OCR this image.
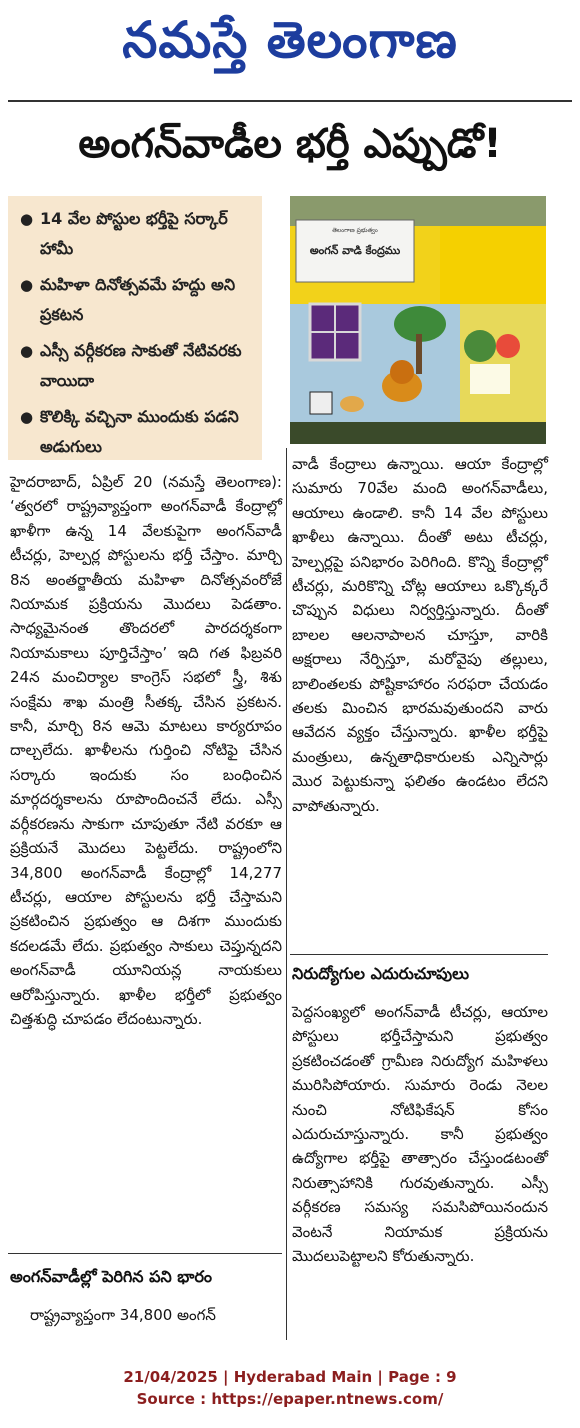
నమస్తే తెలంగాణ
అంగన్‌వాడీల భర్తీ ఎప్పుడో!
● 14 వేల పోస్టుల భర్తీపై సర్కార్ హామీ
● మహిళా దినోత్సవమే హద్దు అని ప్రకటన
● ఎస్సీ వర్గీకరణ సాకుతో నేటివరకు వాయిదా
● కొలిక్కి వచ్చినా ముందుకు పడని అడుగులు
తెలంగాణ ప్రభుత్వం
అంగన్ వాడి కేంద్రము

హైదరాబాద్, ఏప్రిల్ 20 (నమస్తే తెలంగాణ): ‘త్వరలో రాష్ట్రవ్యాప్తంగా అంగన్‌వాడీ కేంద్రాల్లో ఖాళీగా ఉన్న 14 వేలకుపైగా అంగన్‌వాడీ టీచర్లు, హెల్పర్ల పోస్టులను భర్తీ చేస్తాం. మార్చి 8న అంతర్జాతీయ మహిళా దినోత్సవంరోజే నియామక ప్రక్రియను మొదలు పెడతాం. సాధ్యమైనంత తొందరలో పారదర్శకంగా నియామకాలు పూర్తిచేస్తాం’ ఇది గత ఫిబ్రవరి 24న మంచిర్యాల కాంగ్రెస్ సభలో స్త్రీ, శిశు సంక్షేమ శాఖ మంత్రి సీతక్క చేసిన ప్రకటన. కానీ, మార్చి 8న ఆమె మాటలు కార్యరూపం దాల్చలేదు. ఖాళీలను గుర్తించి నోటిఫై చేసిన సర్కారు ఇందుకు సం బంధించిన మార్గదర్శకాలను రూపొందించనే లేదు. ఎస్సీ వర్గీకరణను సాకుగా చూపుతూ నేటి వరకూ ఆ ప్రక్రియనే మొదలు పెట్టలేదు. రాష్ట్రంలోని 34,800 అంగన్‌వాడీ కేంద్రాల్లో 14,277 టీచర్లు, ఆయాల పోస్టులను భర్తీ చేస్తామని ప్రకటించిన ప్రభుత్వం ఆ దిశగా ముందుకు కదలడమే లేదు. ప్రభుత్వం సాకులు చెప్తున్నదని అంగన్‌వాడీ యూనియన్ల నాయకులు ఆరోపిస్తున్నారు. ఖాళీల భర్తీలో ప్రభుత్వం చిత్తశుద్ధి చూపడం లేదంటున్నారు.

అంగన్‌వాడీల్లో పెరిగిన పని భారం

రాష్ట్రవ్యాప్తంగా 34,800 అంగన్

వాడీ కేంద్రాలు ఉన్నాయి. ఆయా కేంద్రాల్లో సుమారు 70వేల మంది అంగన్‌వాడీలు, ఆయాలు ఉండాలి. కానీ 14 వేల పోస్టులు ఖాళీలు ఉన్నాయి. దీంతో అటు టీచర్లు, హెల్పర్లపై పనిభారం పెరిగింది. కొన్ని కేంద్రాల్లో టీచర్లు, మరికొన్ని చోట్ల ఆయాలు ఒక్కొక్కరే చొప్పున విధులు నిర్వర్తిస్తున్నారు. దీంతో బాలల ఆలనాపాలన చూస్తూ, వారికి అక్షరాలు నేర్పిస్తూ, మరోవైపు తల్లులు, బాలింతలకు పోష్టికాహారం సరఫరా చేయడం తలకు మించిన భారమవుతుందని వారు ఆవేదన వ్యక్తం చేస్తున్నారు. ఖాళీల భర్తీపై మంత్రులు, ఉన్నతాధికారులకు ఎన్నిసార్లు మొర పెట్టుకున్నా ఫలితం ఉండటం లేదని వాపోతున్నారు.

నిరుద్యోగుల ఎదురుచూపులు

పెద్దసంఖ్యలో అంగన్‌వాడీ టీచర్లు, ఆయాల పోస్టులు భర్తీచేస్తామని ప్రభుత్వం ప్రకటించడంతో గ్రామీణ నిరుద్యోగ మహిళలు మురిసిపోయారు. సుమారు రెండు నెలల నుంచి నోటిఫికేషన్ కోసం ఎదురుచూస్తున్నారు. కానీ ప్రభుత్వం ఉద్యోగాల భర్తీపై తాత్సారం చేస్తుండటంతో నిరుత్సాహానికి గురవుతున్నారు. ఎస్సీ వర్గీకరణ సమస్య సమసిపోయినందున వెంటనే నియామక ప్రక్రియను మొదలుపెట్టాలని కోరుతున్నారు.

21/04/2025 | Hyderabad Main | Page : 9
Source : https://epaper.ntnews.com/
